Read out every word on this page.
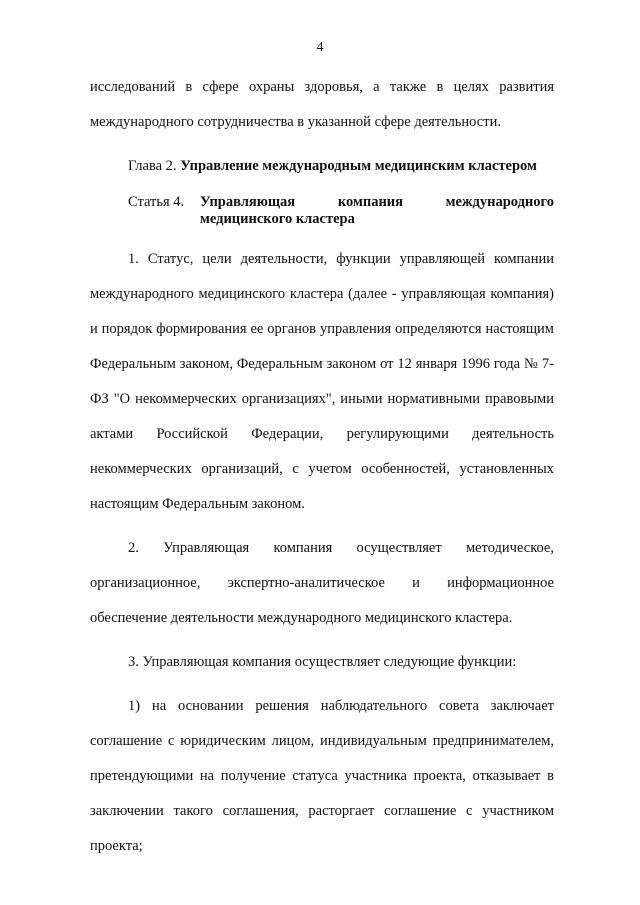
4

исследований в сфере охраны здоровья, а также в целях развития международного сотрудничества в указанной сфере деятельности.

Глава 2. Управление международным медицинским кластером

Статья 4.	Управляющая компания международного
медицинского кластера

1. Статус, цели деятельности, функции управляющей компании международного медицинского кластера (далее - управляющая компания) и порядок формирования ее органов управления определяются настоящим Федеральным законом, Федеральным законом от 12 января 1996 года № 7-ФЗ "О некоммерческих организациях", иными нормативными правовыми актами Российской Федерации, регулирующими деятельность некоммерческих организаций, с учетом особенностей, установленных настоящим Федеральным законом.

2. Управляющая компания осуществляет методическое, организационное, экспертно-аналитическое и информационное обеспечение деятельности международного медицинского кластера.

3. Управляющая компания осуществляет следующие функции:

1) на основании решения наблюдательного совета заключает соглашение с юридическим лицом, индивидуальным предпринимателем, претендующими на получение статуса участника проекта, отказывает в заключении такого соглашения, расторгает соглашение с участником проекта;
